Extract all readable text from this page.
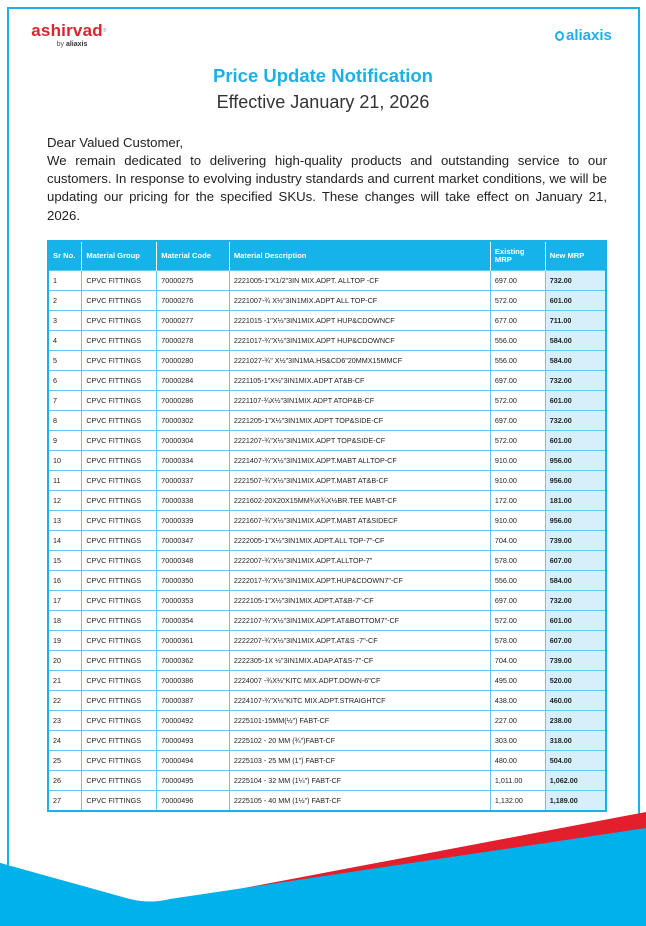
ashirvad®
by aliaxis
aliaxis
Price Update Notification
Effective January 21, 2026
Dear Valued Customer,
We remain dedicated to delivering high-quality products and outstanding service to our customers. In response to evolving industry standards and current market conditions, we will be updating our pricing for the specified SKUs. These changes will take effect on January 21, 2026.
Sr No.	Material Group	Material Code	Material Description	Existing MRP	New MRP
1	CPVC FITTINGS	70000275	2221005-1"X1/2"3IN MIX.ADPT. ALLTOP -CF	697.00	732.00
2	CPVC FITTINGS	70000276	2221007-¾ X½"3IN1MIX.ADPT ALL TOP-CF	572.00	601.00
3	CPVC FITTINGS	70000277	2221015 -1"X½"3IN1MIX.ADPT HUP&CDOWNCF	677.00	711.00
4	CPVC FITTINGS	70000278	2221017-¾"X½"3IN1MIX.ADPT HUP&CDOWNCF	556.00	584.00
5	CPVC FITTINGS	70000280	2221027-¾" X½"3IN1MA.HS&CD6"20MMX15MMCF	556.00	584.00
6	CPVC FITTINGS	70000284	2221105-1"X½"3IN1MIX.ADPT AT&B-CF	697.00	732.00
7	CPVC FITTINGS	70000286	2221107-¾X½"3IN1MIX.ADPT ATOP&B-CF	572.00	601.00
8	CPVC FITTINGS	70000302	2221205-1"X½"3IN1MIX.ADPT TOP&SIDE-CF	697.00	732.00
9	CPVC FITTINGS	70000304	2221207-¾"X½"3IN1MIX.ADPT TOP&SIDE-CF	572.00	601.00
10	CPVC FITTINGS	70000334	2221407-¾"X½"3IN1MIX.ADPT.MABT ALLTOP-CF	910.00	956.00
11	CPVC FITTINGS	70000337	2221507-¾"X½"3IN1MIX.ADPT.MABT AT&B-CF	910.00	956.00
12	CPVC FITTINGS	70000338	2221602-20X20X15MM¾X¾X½BR.TEE MABT-CF	172.00	181.00
13	CPVC FITTINGS	70000339	2221607-¾"X½"3IN1MIX.ADPT.MABT AT&SIDECF	910.00	956.00
14	CPVC FITTINGS	70000347	2222005-1"X½"3IN1MIX.ADPT.ALL TOP-7"-CF	704.00	739.00
15	CPVC FITTINGS	70000348	2222007-¾"X½"3IN1MIX.ADPT.ALLTOP-7"	578.00	607.00
16	CPVC FITTINGS	70000350	2222017-¾"X½"3IN1MIX.ADPT.HUP&CDOWN7"-CF	556.00	584.00
17	CPVC FITTINGS	70000353	2222105-1"X½"3IN1MIX.ADPT.AT&B-7"-CF	697.00	732.00
18	CPVC FITTINGS	70000354	2222107-¾"X½"3IN1MIX.ADPT.AT&BOTTOM7"-CF	572.00	601.00
19	CPVC FITTINGS	70000361	2222207-¾"X½"3IN1MIX.ADPT.AT&S -7"-CF	578.00	607.00
20	CPVC FITTINGS	70000362	2222305-1X ½"3IN1MIX.ADAP.AT&S-7"-CF	704.00	739.00
21	CPVC FITTINGS	70000386	2224007 -¾X½"KITC MIX.ADPT.DOWN-6"CF	495.00	520.00
22	CPVC FITTINGS	70000387	2224107-¾"X½"KITC MIX.ADPT.STRAIGHTCF	438.00	460.00
23	CPVC FITTINGS	70000492	2225101-15MM(½") FABT-CF	227.00	238.00
24	CPVC FITTINGS	70000493	2225102 - 20 MM (¾")FABT-CF	303.00	318.00
25	CPVC FITTINGS	70000494	2225103 - 25 MM (1") FABT-CF	480.00	504.00
26	CPVC FITTINGS	70000495	2225104 - 32 MM (1¼") FABT-CF	1,011.00	1,062.00
27	CPVC FITTINGS	70000496	2225105 - 40 MM (1½") FABT-CF	1,132.00	1,189.00
